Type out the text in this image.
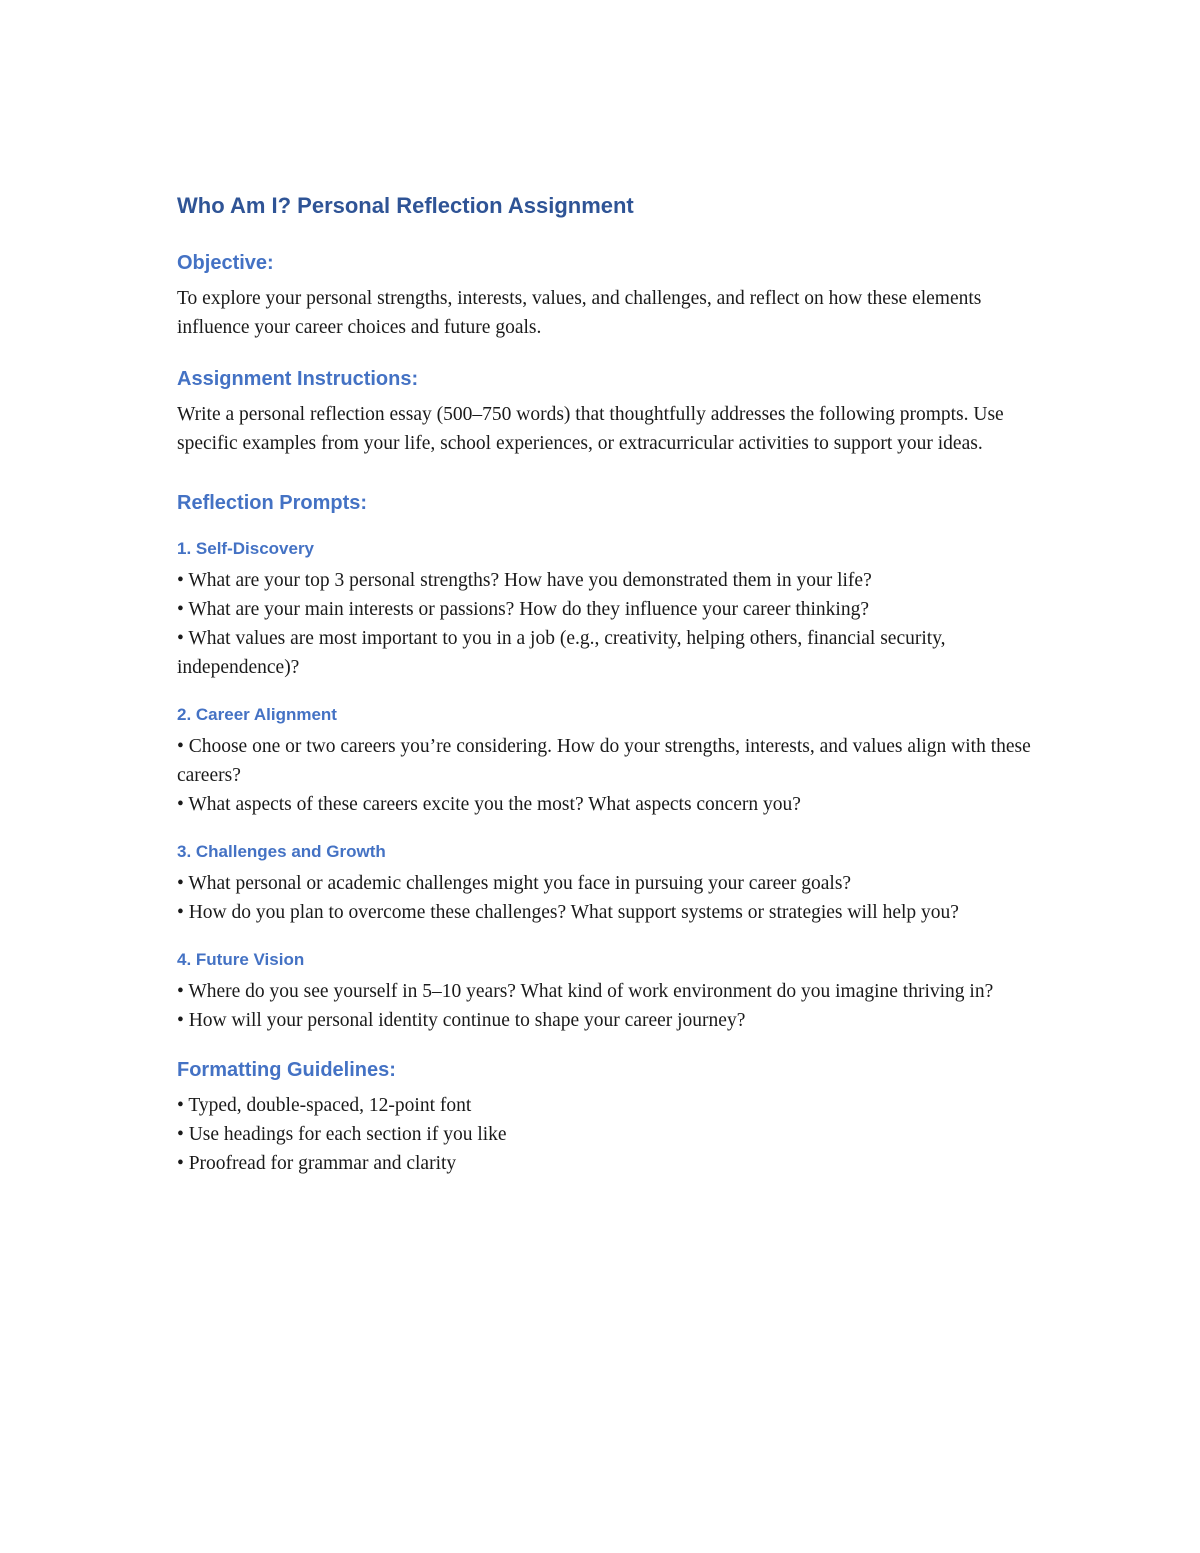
Who Am I? Personal Reflection Assignment
Objective:

To explore your personal strengths, interests, values, and challenges, and reflect on how these elements influence your career choices and future goals.

Assignment Instructions:

Write a personal reflection essay (500–750 words) that thoughtfully addresses the following prompts. Use specific examples from your life, school experiences, or extracurricular activities to support your ideas.

Reflection Prompts:
1. Self-Discovery

• What are your top 3 personal strengths? How have you demonstrated them in your life?

• What are your main interests or passions? How do they influence your career thinking?

• What values are most important to you in a job (e.g., creativity, helping others, financial security, independence)?

2. Career Alignment

• Choose one or two careers you’re considering. How do your strengths, interests, and values align with these careers?

• What aspects of these careers excite you the most? What aspects concern you?

3. Challenges and Growth

• What personal or academic challenges might you face in pursuing your career goals?

• How do you plan to overcome these challenges? What support systems or strategies will help you?

4. Future Vision

• Where do you see yourself in 5–10 years? What kind of work environment do you imagine thriving in?

• How will your personal identity continue to shape your career journey?

Formatting Guidelines:

• Typed, double-spaced, 12-point font

• Use headings for each section if you like

• Proofread for grammar and clarity
